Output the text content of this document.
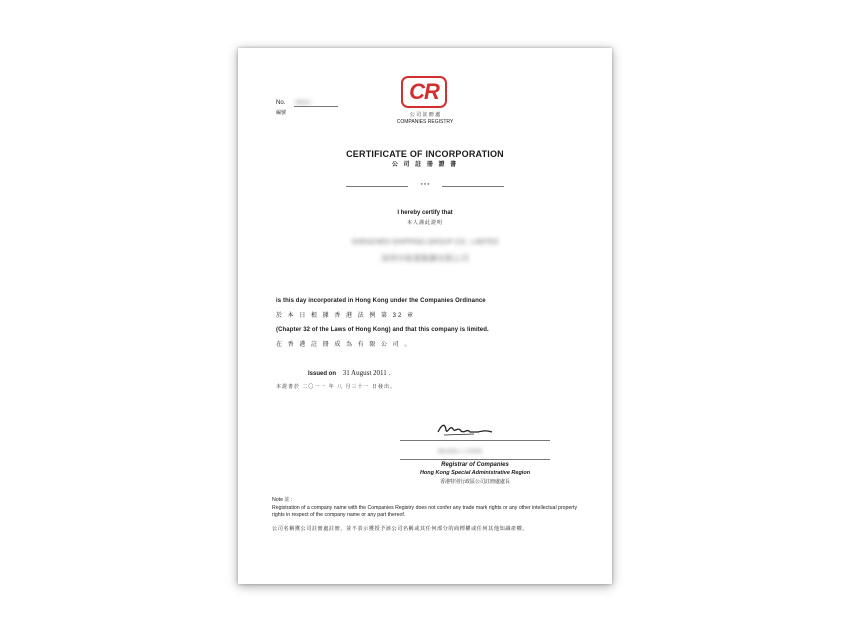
No. 08197
編號
CR
公 司 註 冊 處
COMPANIES REGISTRY
CERTIFICATE OF INCORPORATION
公 司 註 冊 證 書
* * *
I hereby certify that
本人謹此證明
SHENZHEN SHIPPING GROUP CO., LIMITED
深圳市航運集團有限公司
is this day incorporated in Hong Kong under the Companies Ordinance
於 本 日 根 據 香 港 法 例 第 32 章
(Chapter 32 of the Laws of Hong Kong) and that this company is limited.
在 香 港 註 冊 成 為 有 限 公 司 。
Issued on 31 August 2011 .
本證書於 二〇一一 年 八 月三十一 日發出。
MS ADA L L CHOW
Registrar of Companies
Hong Kong Special Administrative Region
香港特別行政區公司註冊處處長
Note 註 :
Registration of a company name with the Companies Registry does not confer any trade mark rights or any other intellectual property rights in respect of the company name or any part thereof.
公司名稱獲公司註冊處註冊，並不表示獲授予該公司名稱或其任何部分的商標權或任何其他知識產權。
